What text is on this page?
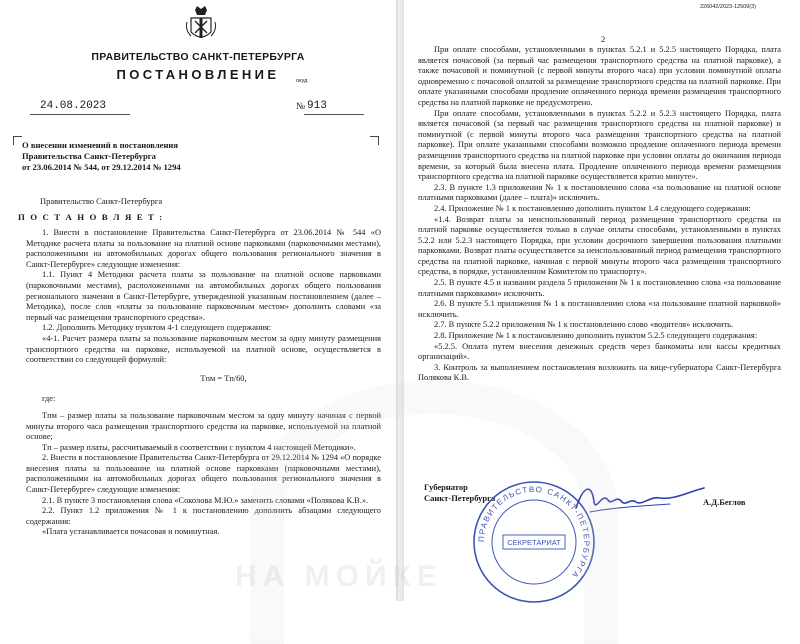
ПРАВИТЕЛЬСТВО САНКТ-ПЕТЕРБУРГА
ПОСТАНОВЛЕНИЕ	окуд
24.08.2023	№ 913
О внесении изменений в постановления
Правительства Санкт-Петербурга
от 23.06.2014 № 544, от 29.12.2014 № 1294
Правительство Санкт-Петербурга
П О С Т А Н О В Л Я Е Т :

1. Внести в постановление Правительства Санкт-Петербурга от 23.06.2014 № 544 «О Методике расчета платы за пользование на платной основе парковками (парковочными местами), расположенными на автомобильных дорогах общего пользования регионального значения в Санкт-Петербурге» следующие изменения:

1.1. Пункт 4 Методики расчета платы за пользование на платной основе парковками (парковочными местами), расположенными на автомобильных дорогах общего пользования регионального значения в Санкт-Петербурге, утвержденной указанным постановлением (далее – Методика), после слов «платы за пользование парковочным местом» дополнить словами «за первый час размещения транспортного средства».

1.2. Дополнить Методику пунктом 4-1 следующего содержания:

«4-1. Расчет размера платы за пользование парковочным местом за одну минуту размещения транспортного средства на парковке, используемой на платной основе, осуществляется в соответствии со следующей формулой:

Tпм = Tп/60,

где:

Tпм – размер платы за пользование парковочным местом за одну минуту начиная с первой минуты второго часа размещения транспортного средства на парковке, используемой на платной основе;

Tп – размер платы, рассчитываемый в соответствии с пунктом 4 настоящей Методики».

2. Внести в постановление Правительства Санкт-Петербурга от 29.12.2014 № 1294 «О порядке внесения платы за пользование на платной основе парковками (парковочными местами), расположенными на автомобильных дорогах общего пользования регионального значения в Санкт-Петербурге» следующие изменения:

2.1. В пункте 3 постановления слова «Соколова М.Ю.» заменить словами «Полякова К.В.».

2.2. Пункт 1.2 приложения № 1 к постановлению дополнить абзацами следующего содержания:

«Плата устанавливается почасовая и поминутная.

226042/2023-12509(3)
2

При оплате способами, установленными в пунктах 5.2.1 и 5.2.5 настоящего Порядка, плата является почасовой (за первый час размещения транспортного средства на платной парковке), а также почасовой и поминутной (с первой минуты второго часа) при условии поминутной оплаты одновременно с почасовой оплатой за размещение транспортного средства на платной парковке. При оплате указанными способами продление оплаченного периода времени размещения транспортного средства на платной парковке не предусмотрено.

При оплате способами, установленными в пунктах 5.2.2 и 5.2.3 настоящего Порядка, плата является почасовой (за первый час размещения транспортного средства на платной парковке) и поминутной (с первой минуты второго часа размещения транспортного средства на платной парковке). При оплате указанными способами возможно продление оплаченного периода времени размещения транспортного средства на платной парковке при условии оплаты до окончания периода времени, за который была внесена плата. Продление оплаченного периода времени размещения транспортного средства на платной парковке осуществляется кратно минуте».

2.3. В пункте 1.3 приложения № 1 к постановлению слова «за пользование на платной основе платными парковками (далее – плата)» исключить.

2.4. Приложение № 1 к постановлению дополнить пунктом 1.4 следующего содержания:

«1.4. Возврат платы за неиспользованный период размещения транспортного средства на платной парковке осуществляется только в случае оплаты способами, установленными в пунктах 5.2.2 или 5.2.3 настоящего Порядка, при условии досрочного завершения пользования платными парковками. Возврат платы осуществляется за неиспользованный период размещения транспортного средства на платной парковке, начиная с первой минуты второго часа размещения транспортного средства, в порядке, установленном Комитетом по транспорту».

2.5. В пункте 4.5 и названии раздела 5 приложения № 1 к постановлению слова «за пользование платными парковками» исключить.

2.6. В пункте 5.1 приложения № 1 к постановлению слова «за пользование платной парковкой» исключить.

2.7. В пункте 5.2.2 приложения № 1 к постановлению слово «водителя» исключить.

2.8. Приложение № 1 к постановлению дополнить пунктом 5.2.5 следующего содержания:

«5.2.5. Оплата путем внесения денежных средств через банкоматы или кассы кредитных организаций».

3. Контроль за выполнением постановления возложить на вице-губернатора Санкт-Петербурга Полякова К.В.

Губернатор
Санкт-Петербурга	А.Д.Беглов
ПРАВИТЕЛЬСТВО САНКТ-ПЕТЕРБУРГА
СЕКРЕТАРИАТ
НА МОЙКЕ
